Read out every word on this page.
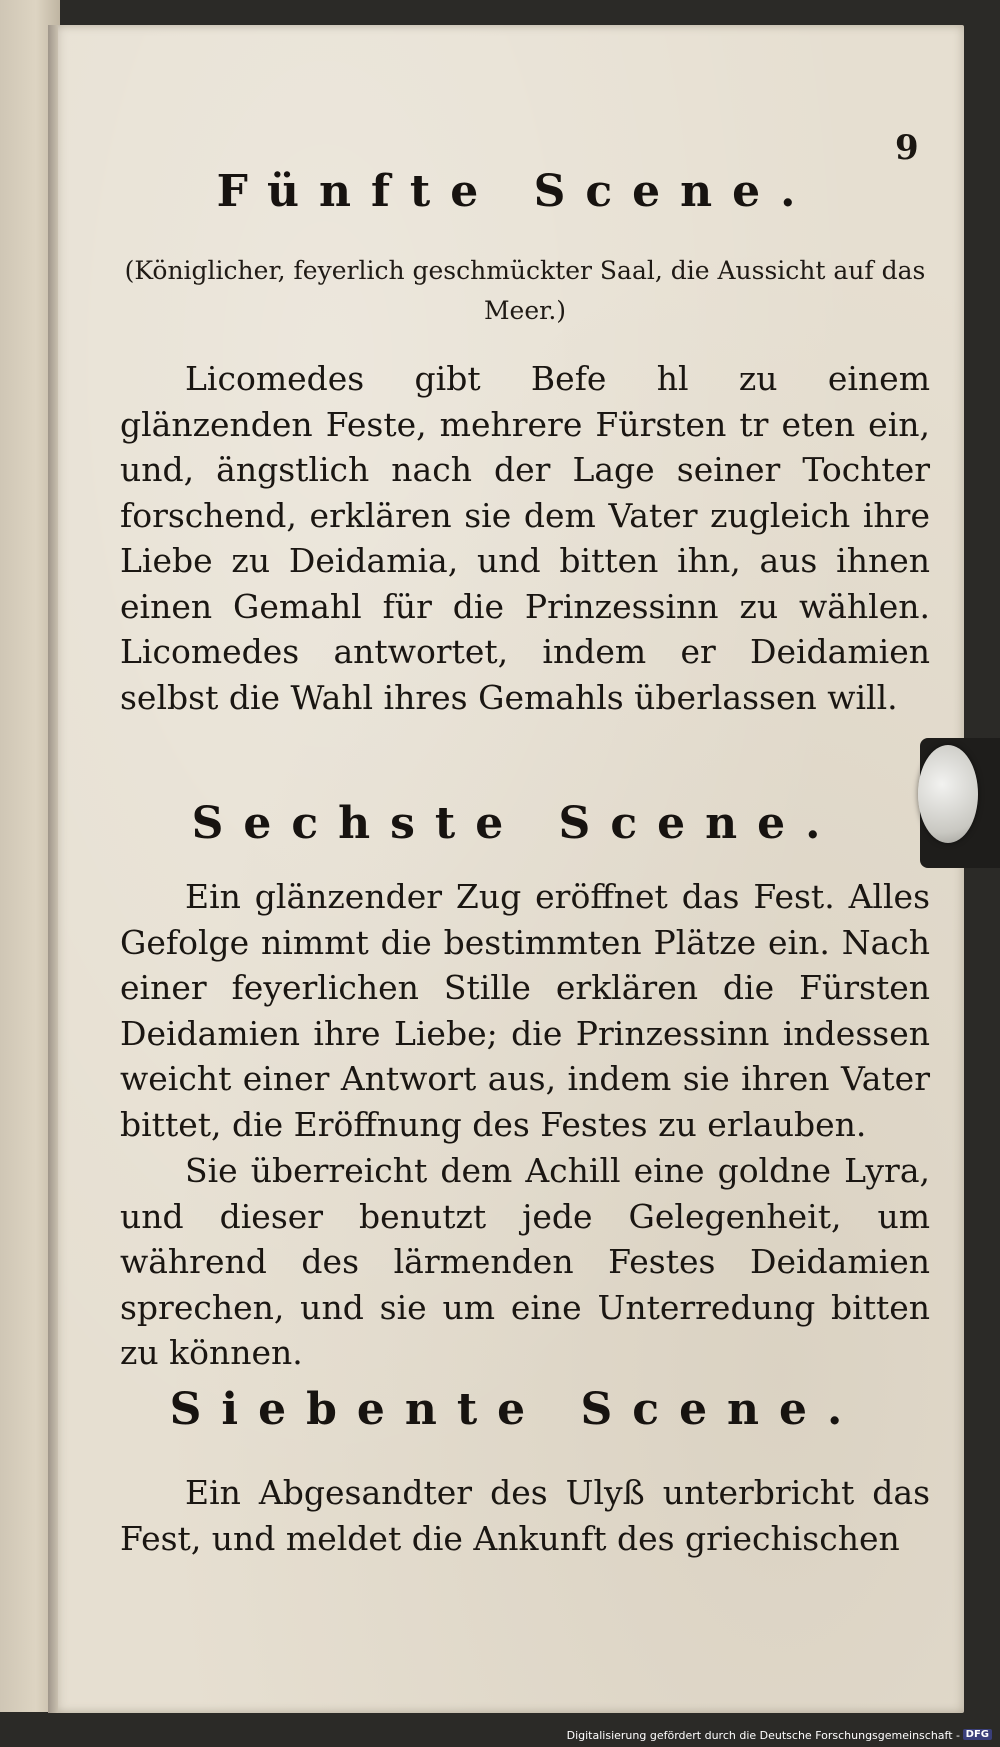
9
Fünfte Scene.
(Königlicher, feyerlich geschmückter Saal, die Aussicht auf das Meer.)
Licomedes gibt Befe hl zu einem glänzenden Feste, mehrere Fürsten tr eten ein, und, ängstlich nach der Lage seiner Tochter forschend, erklären sie dem Vater zugleich ihre Liebe zu Deidamia, und bitten ihn, aus ihnen einen Gemahl für die Prinzessinn zu wählen. Licomedes antwortet, indem er Deidamien selbst die Wahl ihres Gemahls überlassen will.
Sechste Scene.
Ein glänzender Zug eröffnet das Fest. Alles Gefolge nimmt die bestimmten Plätze ein. Nach einer feyerlichen Stille erklären die Fürsten Deidamien ihre Liebe; die Prinzessinn indessen weicht einer Antwort aus, indem sie ihren Vater bittet, die Eröffnung des Festes zu erlauben.
Sie überreicht dem Achill eine goldne Lyra, und dieser benutzt jede Gelegenheit, um während des lärmenden Festes Deidamien sprechen, und sie um eine Unterredung bitten zu können.
Siebente Scene.
Ein Abgesandter des Ulyß unterbricht das Fest, und meldet die Ankunft des griechischen
Digitalisierung gefördert durch die Deutsche Forschungsgemeinschaft - DFG
